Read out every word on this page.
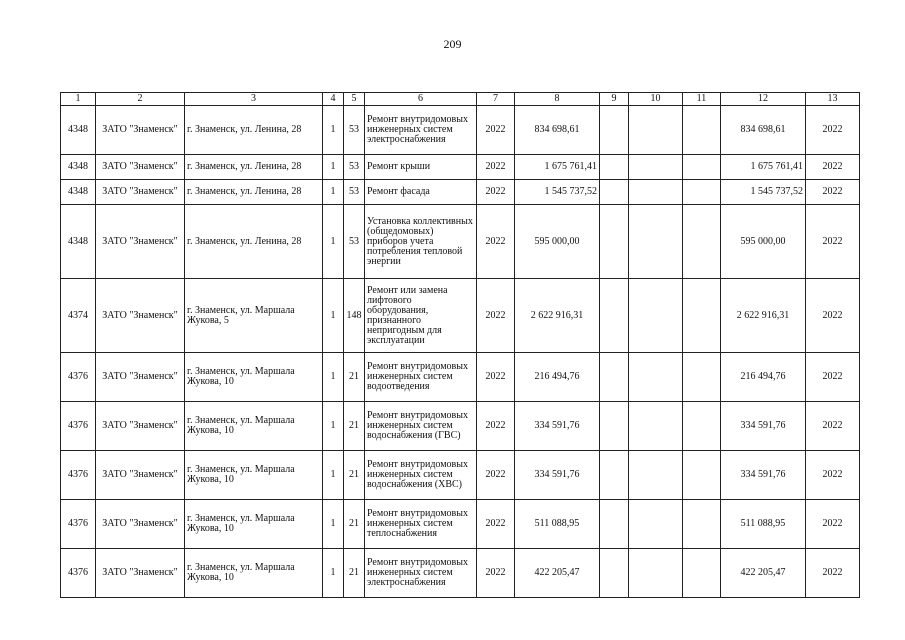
209
1	2	3	4	5	6	7	8	9	10	11	12	13
4348	ЗАТО "Знаменск"	г. Знаменск, ул. Ленина, 28	1	53	Ремонт внутридомовых инженерных систем электроснабжения	2022	834 698,61				834 698,61	2022
4348	ЗАТО "Знаменск"	г. Знаменск, ул. Ленина, 28	1	53	Ремонт крыши	2022	1 675 761,41				1 675 761,41	2022
4348	ЗАТО "Знаменск"	г. Знаменск, ул. Ленина, 28	1	53	Ремонт фасада	2022	1 545 737,52				1 545 737,52	2022
4348	ЗАТО "Знаменск"	г. Знаменск, ул. Ленина, 28	1	53	Установка коллективных (общедомовых) приборов учета потребления тепловой энергии	2022	595 000,00				595 000,00	2022
4374	ЗАТО "Знаменск"	г. Знаменск, ул. Маршала Жукова, 5	1	148	Ремонт или замена лифтового оборудования, признанного непригодным для эксплуатации	2022	2 622 916,31				2 622 916,31	2022
4376	ЗАТО "Знаменск"	г. Знаменск, ул. Маршала Жукова, 10	1	21	Ремонт внутридомовых инженерных систем водоотведения	2022	216 494,76				216 494,76	2022
4376	ЗАТО "Знаменск"	г. Знаменск, ул. Маршала Жукова, 10	1	21	Ремонт внутридомовых инженерных систем водоснабжения (ГВС)	2022	334 591,76				334 591,76	2022
4376	ЗАТО "Знаменск"	г. Знаменск, ул. Маршала Жукова, 10	1	21	Ремонт внутридомовых инженерных систем водоснабжения (ХВС)	2022	334 591,76				334 591,76	2022
4376	ЗАТО "Знаменск"	г. Знаменск, ул. Маршала Жукова, 10	1	21	Ремонт внутридомовых инженерных систем теплоснабжения	2022	511 088,95				511 088,95	2022
4376	ЗАТО "Знаменск"	г. Знаменск, ул. Маршала Жукова, 10	1	21	Ремонт внутридомовых инженерных систем электроснабжения	2022	422 205,47				422 205,47	2022
